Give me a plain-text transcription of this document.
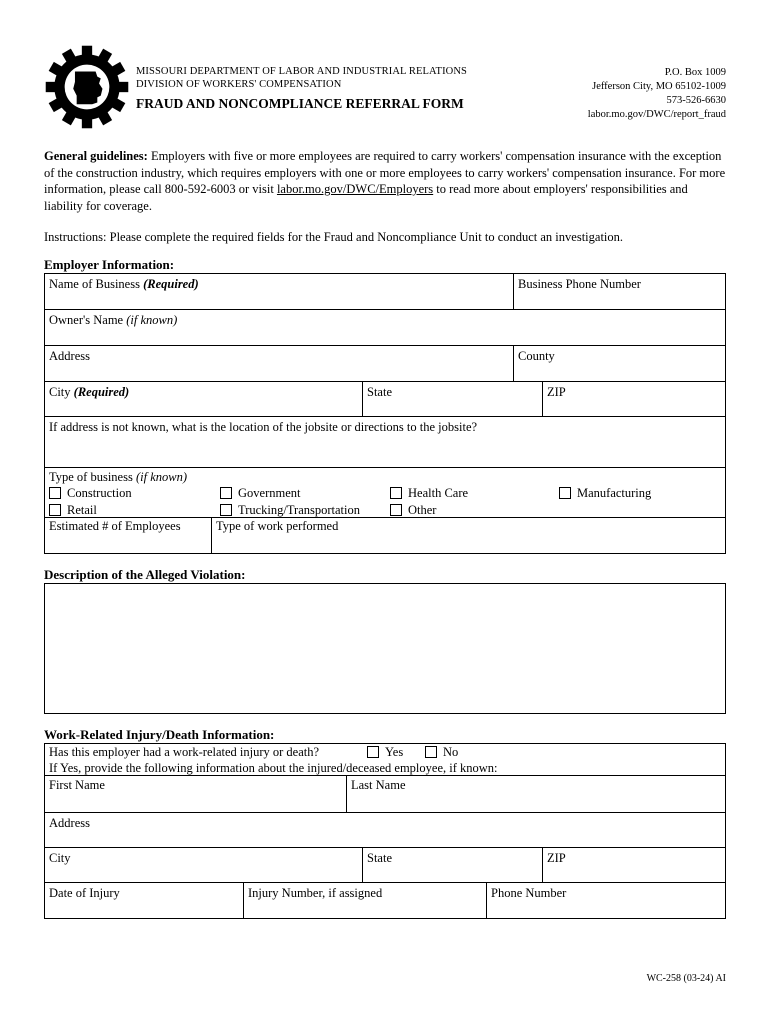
MISSOURI DEPARTMENT OF LABOR AND INDUSTRIAL RELATIONS
DIVISION OF WORKERS' COMPENSATION
FRAUD AND NONCOMPLIANCE REFERRAL FORM
P.O. Box 1009
Jefferson City, MO 65102-1009
573-526-6630
labor.mo.gov/DWC/report_fraud
General guidelines: Employers with five or more employees are required to carry workers' compensation insurance with the exception of the construction industry, which requires employers with one or more employees to carry workers' compensation insurance. For more information, please call 800-592-6003 or visit labor.mo.gov/DWC/Employers to read more about employers' responsibilities and liability for coverage.
Instructions: Please complete the required fields for the Fraud and Noncompliance Unit to conduct an investigation.
Employer Information:
Name of Business (Required)	Business Phone Number
Owner's Name (if known)
Address	County
City (Required)	State	ZIP
If address is not known, what is the location of the jobsite or directions to the jobsite?
Type of business (if known)
Construction	Government	Health Care	Manufacturing
Retail	Trucking/Transportation	Other
Estimated # of Employees	Type of work performed
Description of the Alleged Violation:
Work-Related Injury/Death Information:
Has this employer had a work-related injury or death?	Yes	No
If Yes, provide the following information about the injured/deceased employee, if known:
First Name	Last Name
Address
City	State	ZIP
Date of Injury	Injury Number, if assigned	Phone Number
WC-258 (03-24) AI
